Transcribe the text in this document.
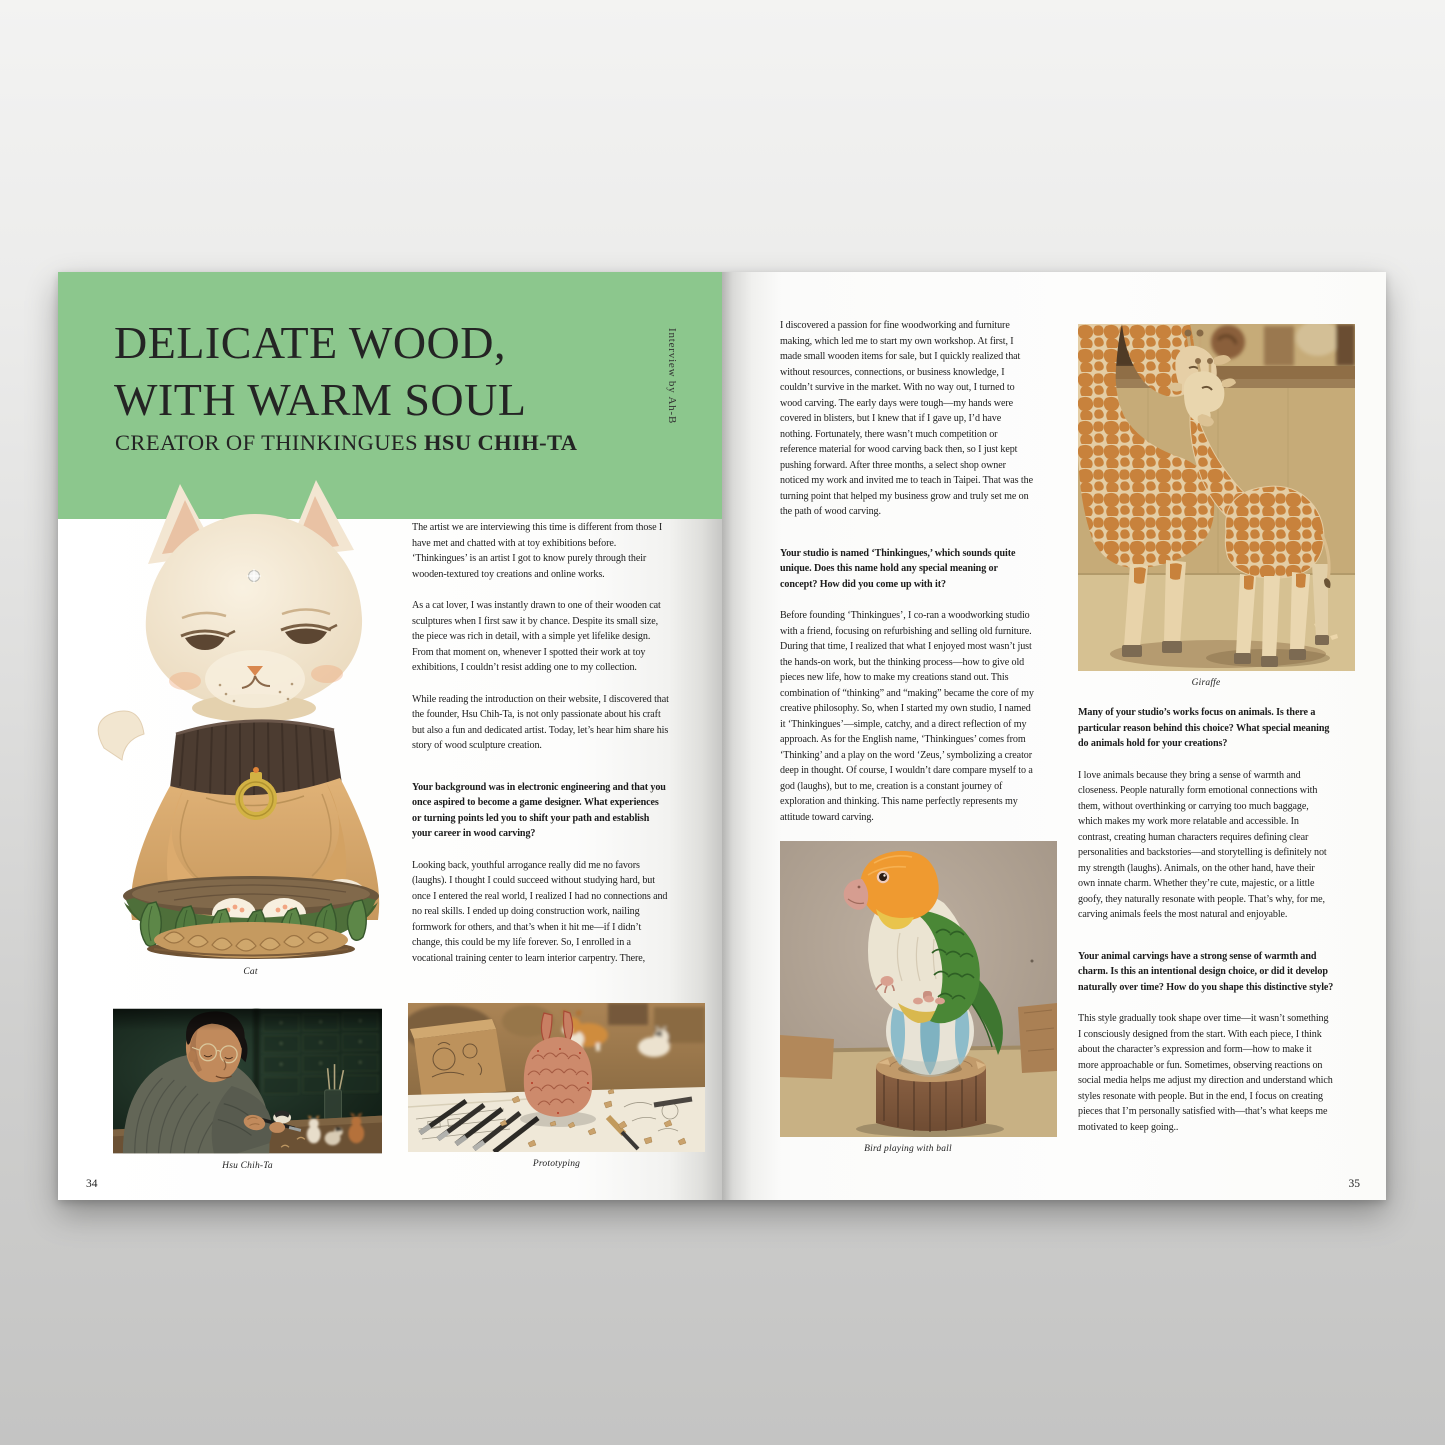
DELICATE WOOD,
WITH WARM SOUL
CREATOR OF THINKINGUES HSU CHIH-TA
Interview by Ah-B
Cat

The artist we are interviewing this time is different from those I have met and chatted with at toy exhibitions before. ‘Thinkingues’ is an artist I got to know purely through their wooden-textured toy creations and online works.

As a cat lover, I was instantly drawn to one of their wooden cat sculptures when I first saw it by chance. Despite its small size, the piece was rich in detail, with a simple yet lifelike design. From that moment on, whenever I spotted their work at toy exhibitions, I couldn’t resist adding one to my collection.

While reading the introduction on their website, I discovered that the founder, Hsu Chih-Ta, is not only passionate about his craft but also a fun and dedicated artist. Today, let’s hear him share his story of wood sculpture creation.

Your background was in electronic engineering and that you once aspired to become a game designer. What experiences or turning points led you to shift your path and establish your career in wood carving?

Looking back, youthful arrogance really did me no favors (laughs). I thought I could succeed without studying hard, but once I entered the real world, I realized I had no connections and no real skills. I ended up doing construction work, nailing formwork for others, and that’s when it hit me—if I didn’t change, this could be my life forever. So, I enrolled in a vocational training center to learn interior carpentry. There,

Hsu Chih-Ta	Prototyping
34

I discovered a passion for fine woodworking and furniture making, which led me to start my own workshop. At first, I made small wooden items for sale, but I quickly realized that without resources, connections, or business knowledge, I couldn’t survive in the market. With no way out, I turned to wood carving. The early days were tough—my hands were covered in blisters, but I knew that if I gave up, I’d have nothing. Fortunately, there wasn’t much competition or reference material for wood carving back then, so I just kept pushing forward. After three months, a select shop owner noticed my work and invited me to teach in Taipei. That was the turning point that helped my business grow and truly set me on the path of wood carving.

Your studio is named ‘Thinkingues,’ which sounds quite unique. Does this name hold any special meaning or concept? How did you come up with it?

Before founding ‘Thinkingues’, I co-ran a woodworking studio with a friend, focusing on refurbishing and selling old furniture. During that time, I realized that what I enjoyed most wasn’t just the hands-on work, but the thinking process—how to give old pieces new life, how to make my creations stand out. This combination of “thinking” and “making” became the core of my creative philosophy. So, when I started my own studio, I named it ‘Thinkingues’—simple, catchy, and a direct reflection of my approach. As for the English name, ‘Thinkingues’ comes from ‘Thinking’ and a play on the word ‘Zeus,’ symbolizing a creator deep in thought. Of course, I wouldn’t dare compare myself to a god (laughs), but to me, creation is a constant journey of exploration and thinking. This name perfectly represents my attitude toward carving.

Bird playing with ball
Giraffe

Many of your studio’s works focus on animals. Is there a particular reason behind this choice? What special meaning do animals hold for your creations?

I love animals because they bring a sense of warmth and closeness. People naturally form emotional connections with them, without overthinking or carrying too much baggage, which makes my work more relatable and accessible. In contrast, creating human characters requires defining clear personalities and backstories—and storytelling is definitely not my strength (laughs). Animals, on the other hand, have their own innate charm. Whether they’re cute, majestic, or a little goofy, they naturally resonate with people. That’s why, for me, carving animals feels the most natural and enjoyable.

Your animal carvings have a strong sense of warmth and charm. Is this an intentional design choice, or did it develop naturally over time? How do you shape this distinctive style?

This style gradually took shape over time—it wasn’t something I consciously designed from the start. With each piece, I think about the character’s expression and form—how to make it more approachable or fun. Sometimes, observing reactions on social media helps me adjust my direction and understand which styles resonate with people. But in the end, I focus on creating pieces that I’m personally satisfied with—that’s what keeps me motivated to keep going..

35
